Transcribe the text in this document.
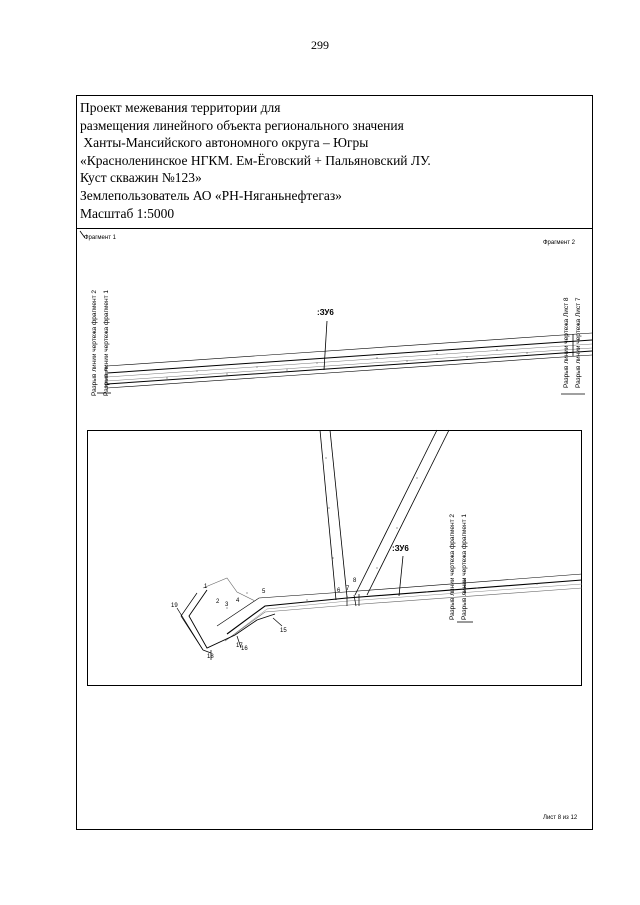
299
Проект межевания территории для
размещения линейного объекта регионального значения
Ханты-Мансийского автономного округа – Югры
«Красноленинское НГКМ. Ем-Ёговский + Пальяновский ЛУ.
Куст скважин №123»
Землепользователь АО «РН-Няганьнефтегаз»
Масштаб 1:5000
Фрагмент 1
Фрагмент 2
:ЗУ6
Разрыв линии чертежа фрагмент 2 Разрыв линии чертежа фрагмент 1	Разрыв линии чертежа Лист 8 Разрыв линии чертежа Лист 7
:ЗУ6	Разрыв линии чертежа фрагмент 2 Разрыв линии чертежа фрагмент 1
1
2 3
4
5	6 7
8
15
16
17
18
19
Лист 8 из 12
